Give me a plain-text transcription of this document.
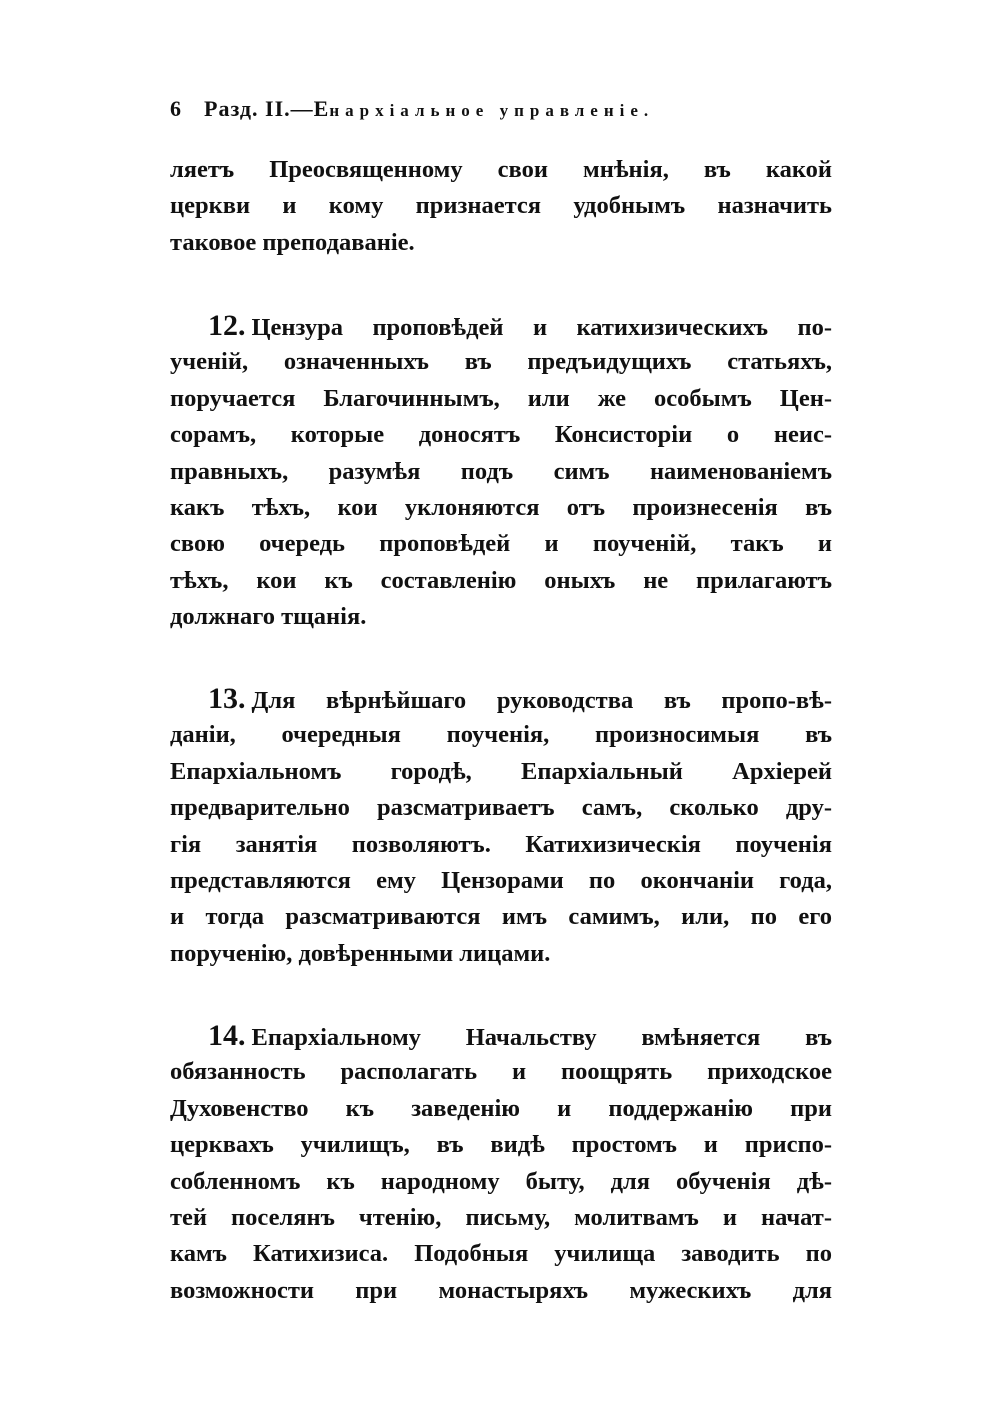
6 Разд. II.—Енархіальное управленіе.
ляетъ Преосвященному свои мнѣнія, въ какой
церкви и кому признается удобнымъ назначить
таковое преподаваніе.
12. Цензура проповѣдей и катихизическихъ по-
ученій, означенныхъ въ предъидущихъ статьяхъ,
поручается Благочиннымъ, или же особымъ Цен-
сорамъ, которые доносятъ Консисторіи о неис-
правныхъ, разумѣя подъ симъ наименованіемъ
какъ тѣхъ, кои уклоняются отъ произнесенія въ
свою очередь проповѣдей и поученій, такъ и
тѣхъ, кои къ составленію оныхъ не прилагаютъ
должнаго тщанія.
13. Для вѣрнѣйшаго руководства въ пропо-вѣ-
даніи, очередныя поученія, произносимыя въ
Епархіальномъ городѣ, Епархіальный Архіерей
предварительно разсматриваетъ самъ, сколько дру-
гія занятія позволяютъ. Катихизическія поученія
представляются ему Цензорами по окончаніи года,
и тогда разсматриваются имъ самимъ, или, по его
порученію, довѣренными лицами.
14. Епархіальному Начальству вмѣняется въ
обязанность располагать и поощрять приходское
Духовенство къ заведенію и поддержанію при
церквахъ училищъ, въ видѣ простомъ и приспо-
собленномъ къ народному быту, для обученія дѣ-
тей поселянъ чтенію, письму, молитвамъ и начат-
камъ Катихизиса. Подобныя училища заводить по
возможности при монастыряхъ мужескихъ для
